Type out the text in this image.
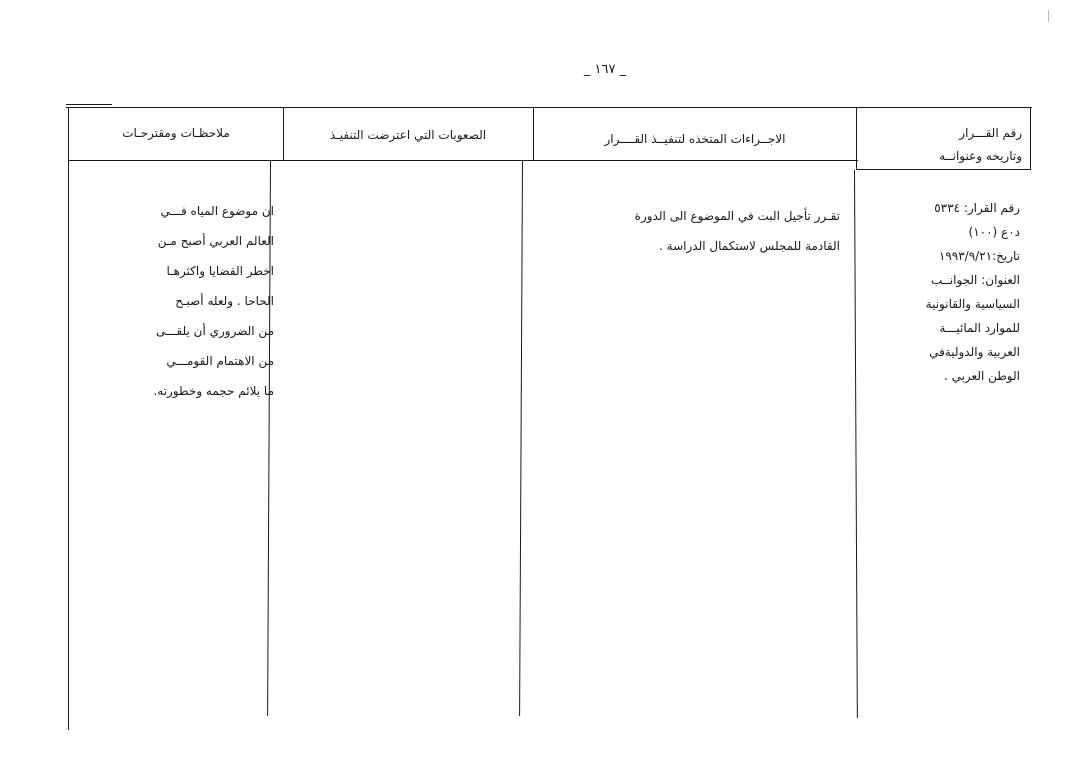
_ ١٦٧ _
رقم القـــرار
وتاريخه وعنوانــه
الاجــراءات المتخذه لتنفيــذ القــــرار
الصعوبات التي اعترضت التنفيـذ
ملاحظـات ومقترحـات
رقم القرار: ٥٣٣٤
د٠ع (١٠٠)
تاريخ:١٩٩٣/٩/٢١
العنوان: الجوانــب
السياسية والقانونية
للموارد المائيـــة
العربية والدوليةفي
الوطن العربي .
تقـرر تأجيل البت في الموضوع الى الدورة
القادمة للمجلس لاستكمال الدراسة .
ان موضوع المياه فـــي
العالم العربي أصبح مـن
اخطر القضايا واكثرهـا
الحاحا . ولعله أصبـح
من الضروري أن يلقـــى
من الاهتمام القومـــي
ما يلائم حجمه وخطورته.
